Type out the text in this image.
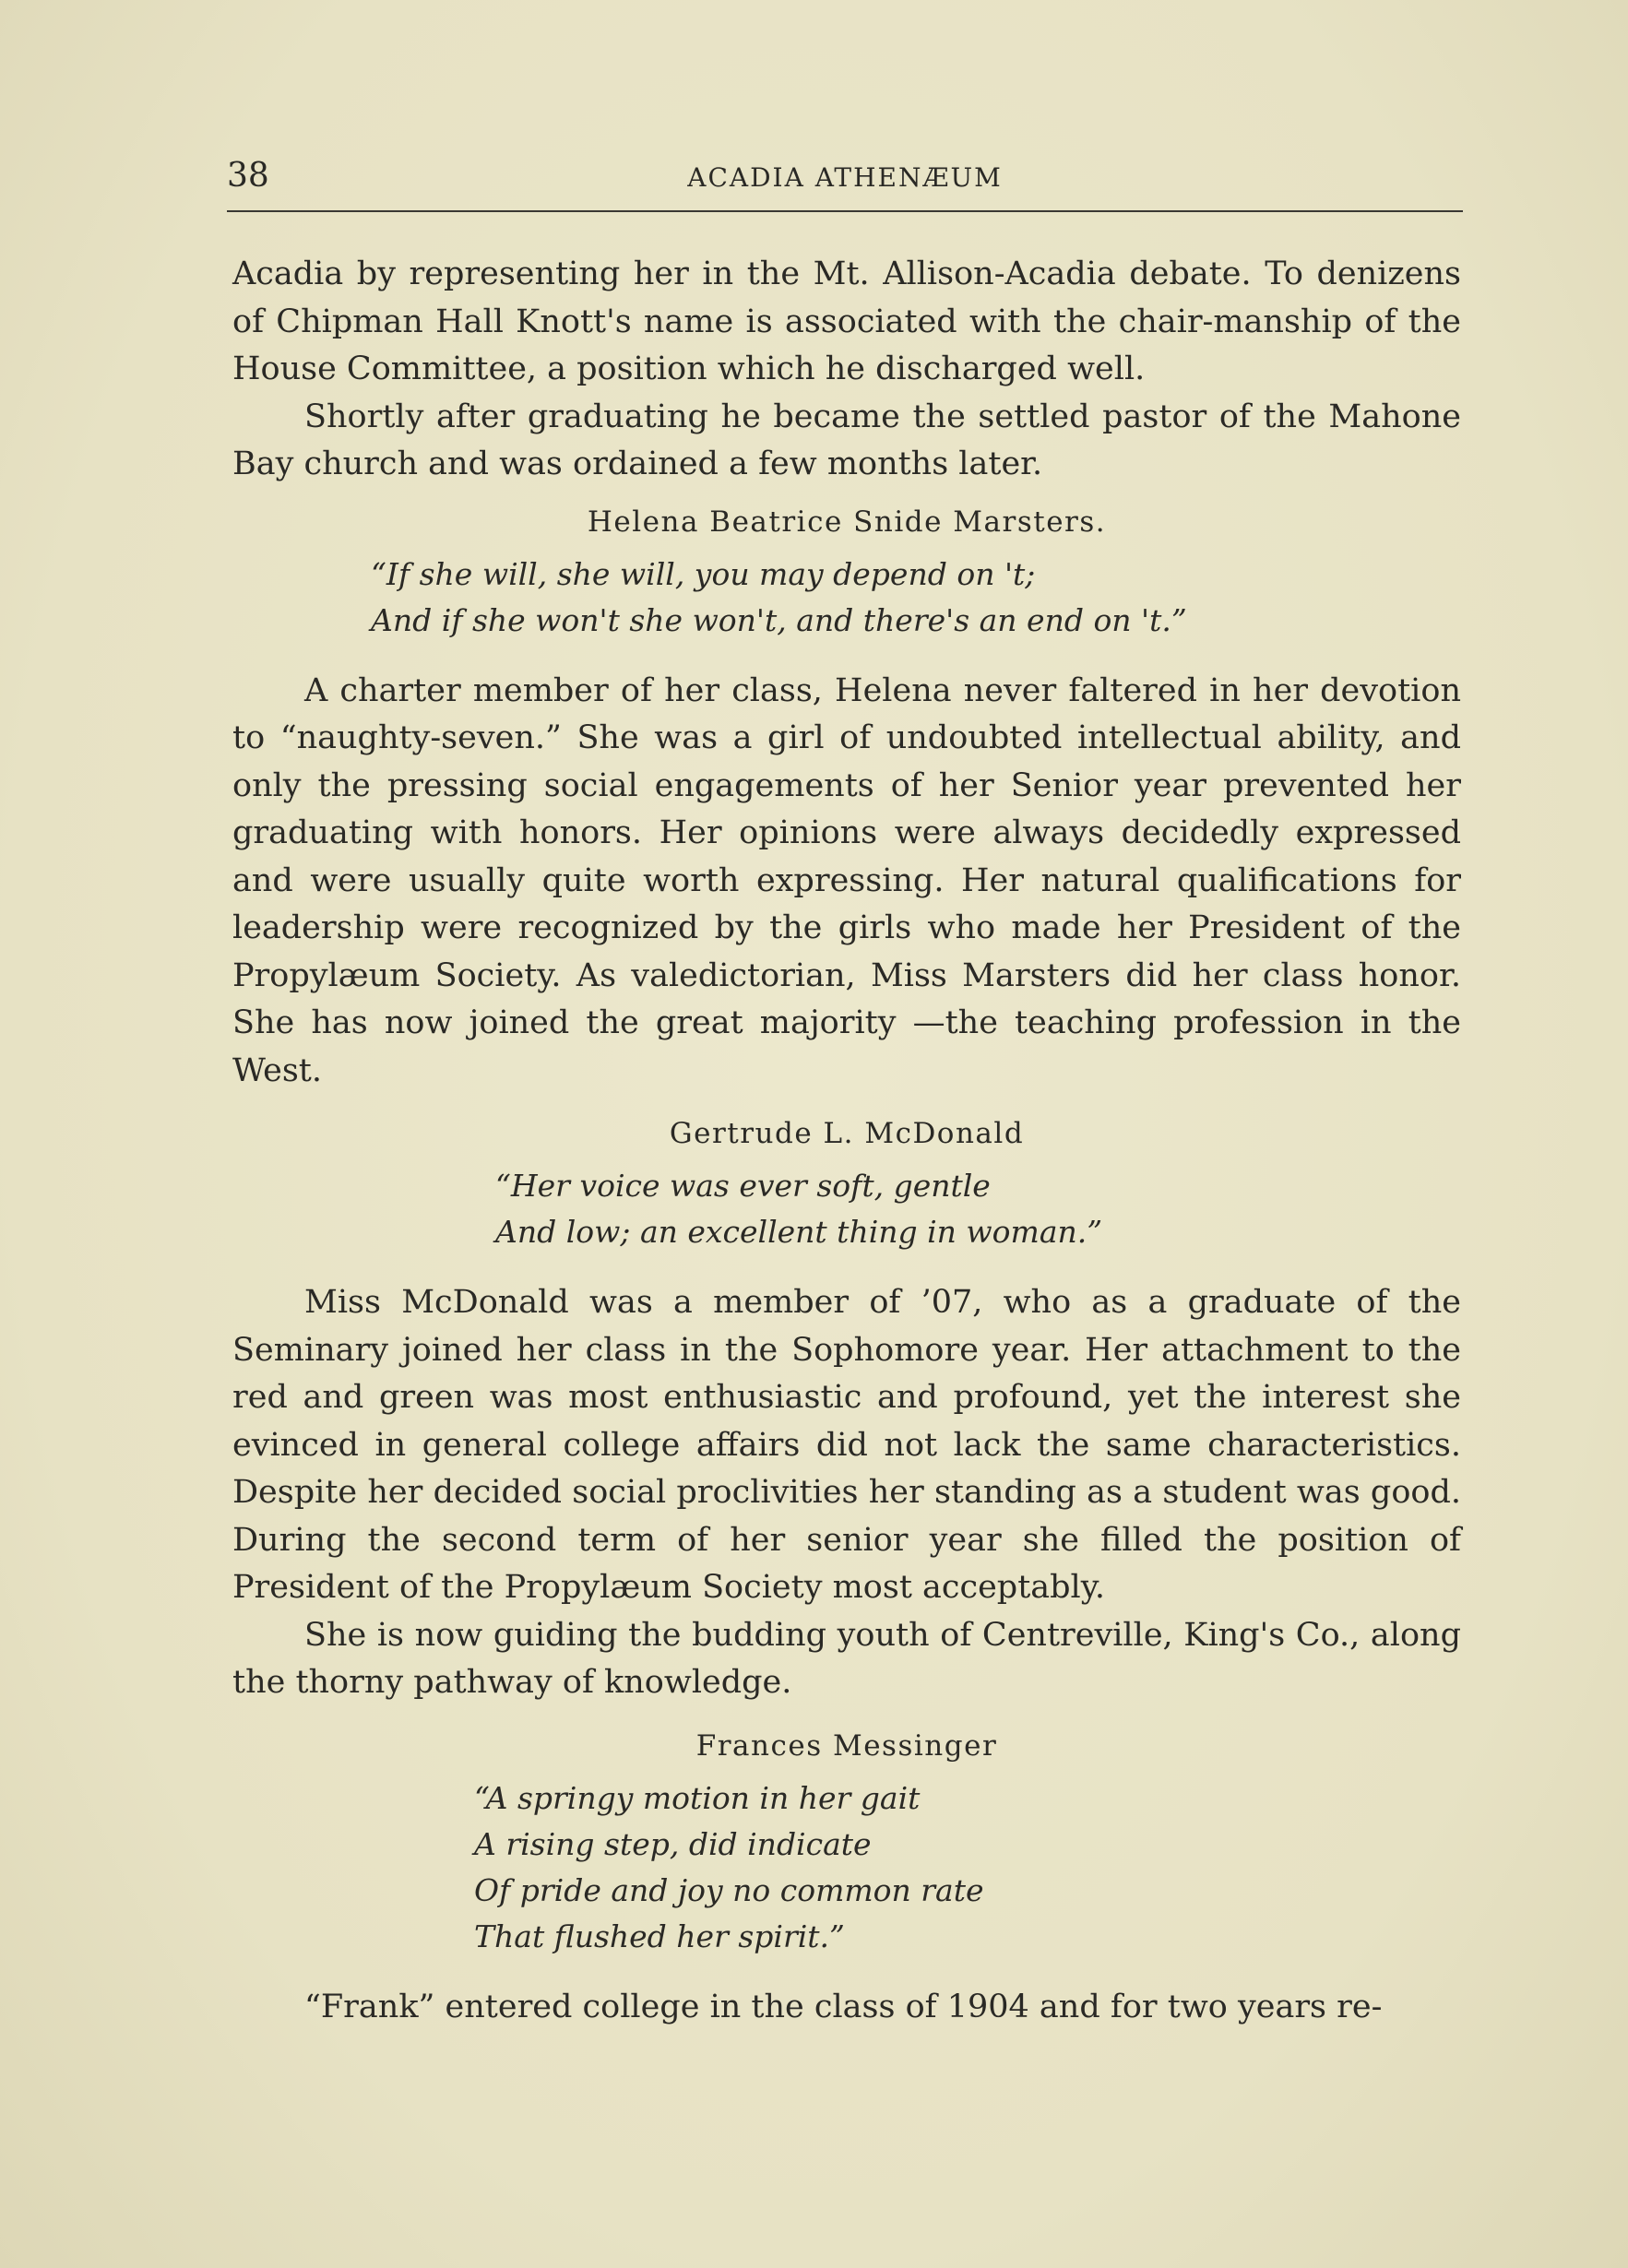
38	ACADIA ATHENÆUM

Acadia by representing her in the Mt. Allison-Acadia debate. To denizens of Chipman Hall Knott's name is associated with the chair-manship of the House Committee, a position which he discharged well.

Shortly after graduating he became the settled pastor of the Mahone Bay church and was ordained a few months later.

Helena Beatrice Snide Marsters.
“If she will, she will, you may depend on 't;
And if she won't she won't, and there's an end on 't.”

A charter member of her class, Helena never faltered in her devotion to “naughty-seven.” She was a girl of undoubted intellectual ability, and only the pressing social engagements of her Senior year prevented her graduating with honors. Her opinions were always decidedly expressed and were usually quite worth expressing. Her natural qualifications for leadership were recognized by the girls who made her President of the Propylæum Society. As valedictorian, Miss Marsters did her class honor. She has now joined the great majority —the teaching profession in the West.

Gertrude L. McDonald
“Her voice was ever soft, gentle
And low; an excellent thing in woman.”

Miss McDonald was a member of ’07, who as a graduate of the Seminary joined her class in the Sophomore year. Her attachment to the red and green was most enthusiastic and profound, yet the interest she evinced in general college affairs did not lack the same characteristics. Despite her decided social proclivities her standing as a student was good. During the second term of her senior year she filled the position of President of the Propylæum Society most acceptably.

She is now guiding the budding youth of Centreville, King's Co., along the thorny pathway of knowledge.

Frances Messinger
“A springy motion in her gait
A rising step, did indicate
Of pride and joy no common rate
That flushed her spirit.”

“Frank” entered college in the class of 1904 and for two years re-
